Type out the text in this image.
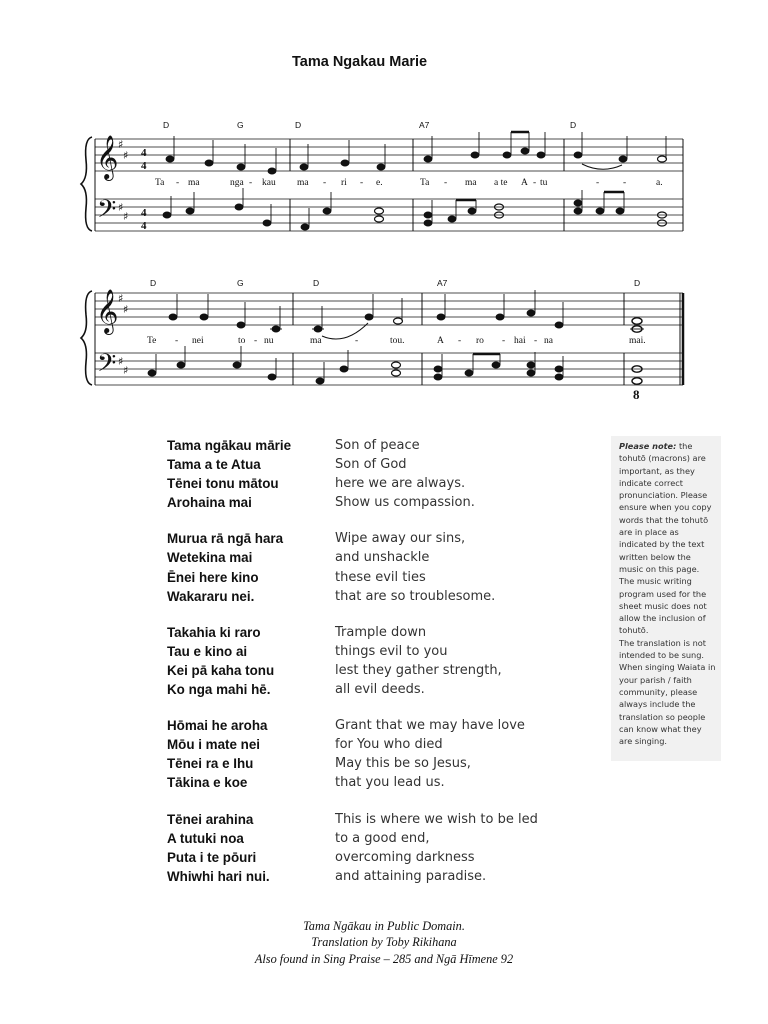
Tama Ngakau Marie
𝄞
𝄢
♯
♯
♯
♯
4
4
4
4
D	G	D	A7	D
Ta - ma	nga - kau ma - ri - e.	Ta - ma a te A - tu	-	-	a.
𝄞
𝄢
♯
♯
♯
♯
8
D	G	D	A7	D
Te - nei	to - nu	ma	-	tou.	A - ro - hai - na	mai.
Tama ngākau mārie	Son of peace
Tama a te Atua	Son of God
Tēnei tonu mātou	here we are always.
Arohaina mai	Show us compassion.
Murua rā ngā hara	Wipe away our sins,
Wetekina mai	and unshackle
Ēnei here kino	these evil ties
Wakararu nei.	that are so troublesome.
Takahia ki raro	Trample down
Tau e kino ai	things evil to you
Kei pā kaha tonu	lest they gather strength,
Ko nga mahi hē.	all evil deeds.
Hōmai he aroha	Grant that we may have love
Mōu i mate nei	for You who died
Tēnei ra e Ihu	May this be so Jesus,
Tākina e koe	that you lead us.
Tēnei arahina	This is where we wish to be led
A tutuki noa	to a good end,
Puta i te pōuri	overcoming darkness
Whiwhi hari nui.	and attaining paradise.
Please note: the tohutō (macrons) are important, as they indicate correct pronunciation. Please ensure when you copy words that the tohutō are in place as indicated by the text written below the music on this page. The music writing program used for the sheet music does not allow the inclusion of tohutō.
The translation is not intended to be sung. When singing Waiata in your parish / faith community, please always include the translation so people can know what they are singing.
Tama Ngākau in Public Domain.
Translation by Toby Rikihana
Also found in Sing Praise – 285 and Ngā Hīmene 92
